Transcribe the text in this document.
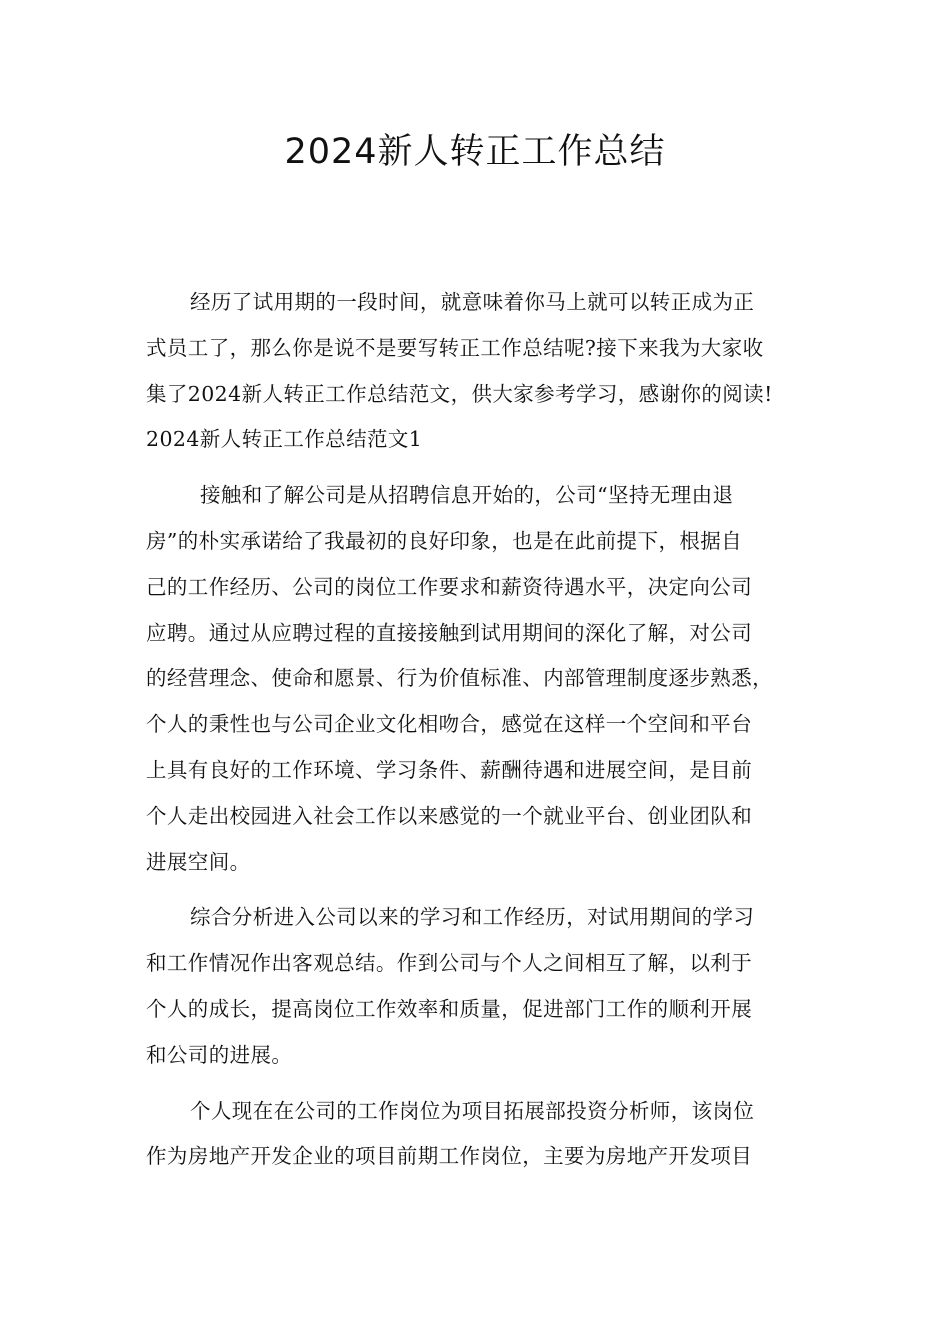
2024新人转正工作总结
经历了试用期的一段时间，就意味着你马上就可以转正成为正
式员工了，那么你是说不是要写转正工作总结呢?接下来我为大家收
集了2024新人转正工作总结范文，供大家参考学习，感谢你的阅读!
2024新人转正工作总结范文1
接触和了解公司是从招聘信息开始的，公司“坚持无理由退
房”的朴实承诺给了我最初的良好印象，也是在此前提下，根据自
己的工作经历、公司的岗位工作要求和薪资待遇水平，决定向公司
应聘。通过从应聘过程的直接接触到试用期间的深化了解，对公司
的经营理念、使命和愿景、行为价值标准、内部管理制度逐步熟悉，
个人的秉性也与公司企业文化相吻合，感觉在这样一个空间和平台
上具有良好的工作环境、学习条件、薪酬待遇和进展空间，是目前
个人走出校园进入社会工作以来感觉的一个就业平台、创业团队和
进展空间。
综合分析进入公司以来的学习和工作经历，对试用期间的学习
和工作情况作出客观总结。作到公司与个人之间相互了解，以利于
个人的成长，提高岗位工作效率和质量，促进部门工作的顺利开展
和公司的进展。
个人现在在公司的工作岗位为项目拓展部投资分析师，该岗位
作为房地产开发企业的项目前期工作岗位，主要为房地产开发项目
